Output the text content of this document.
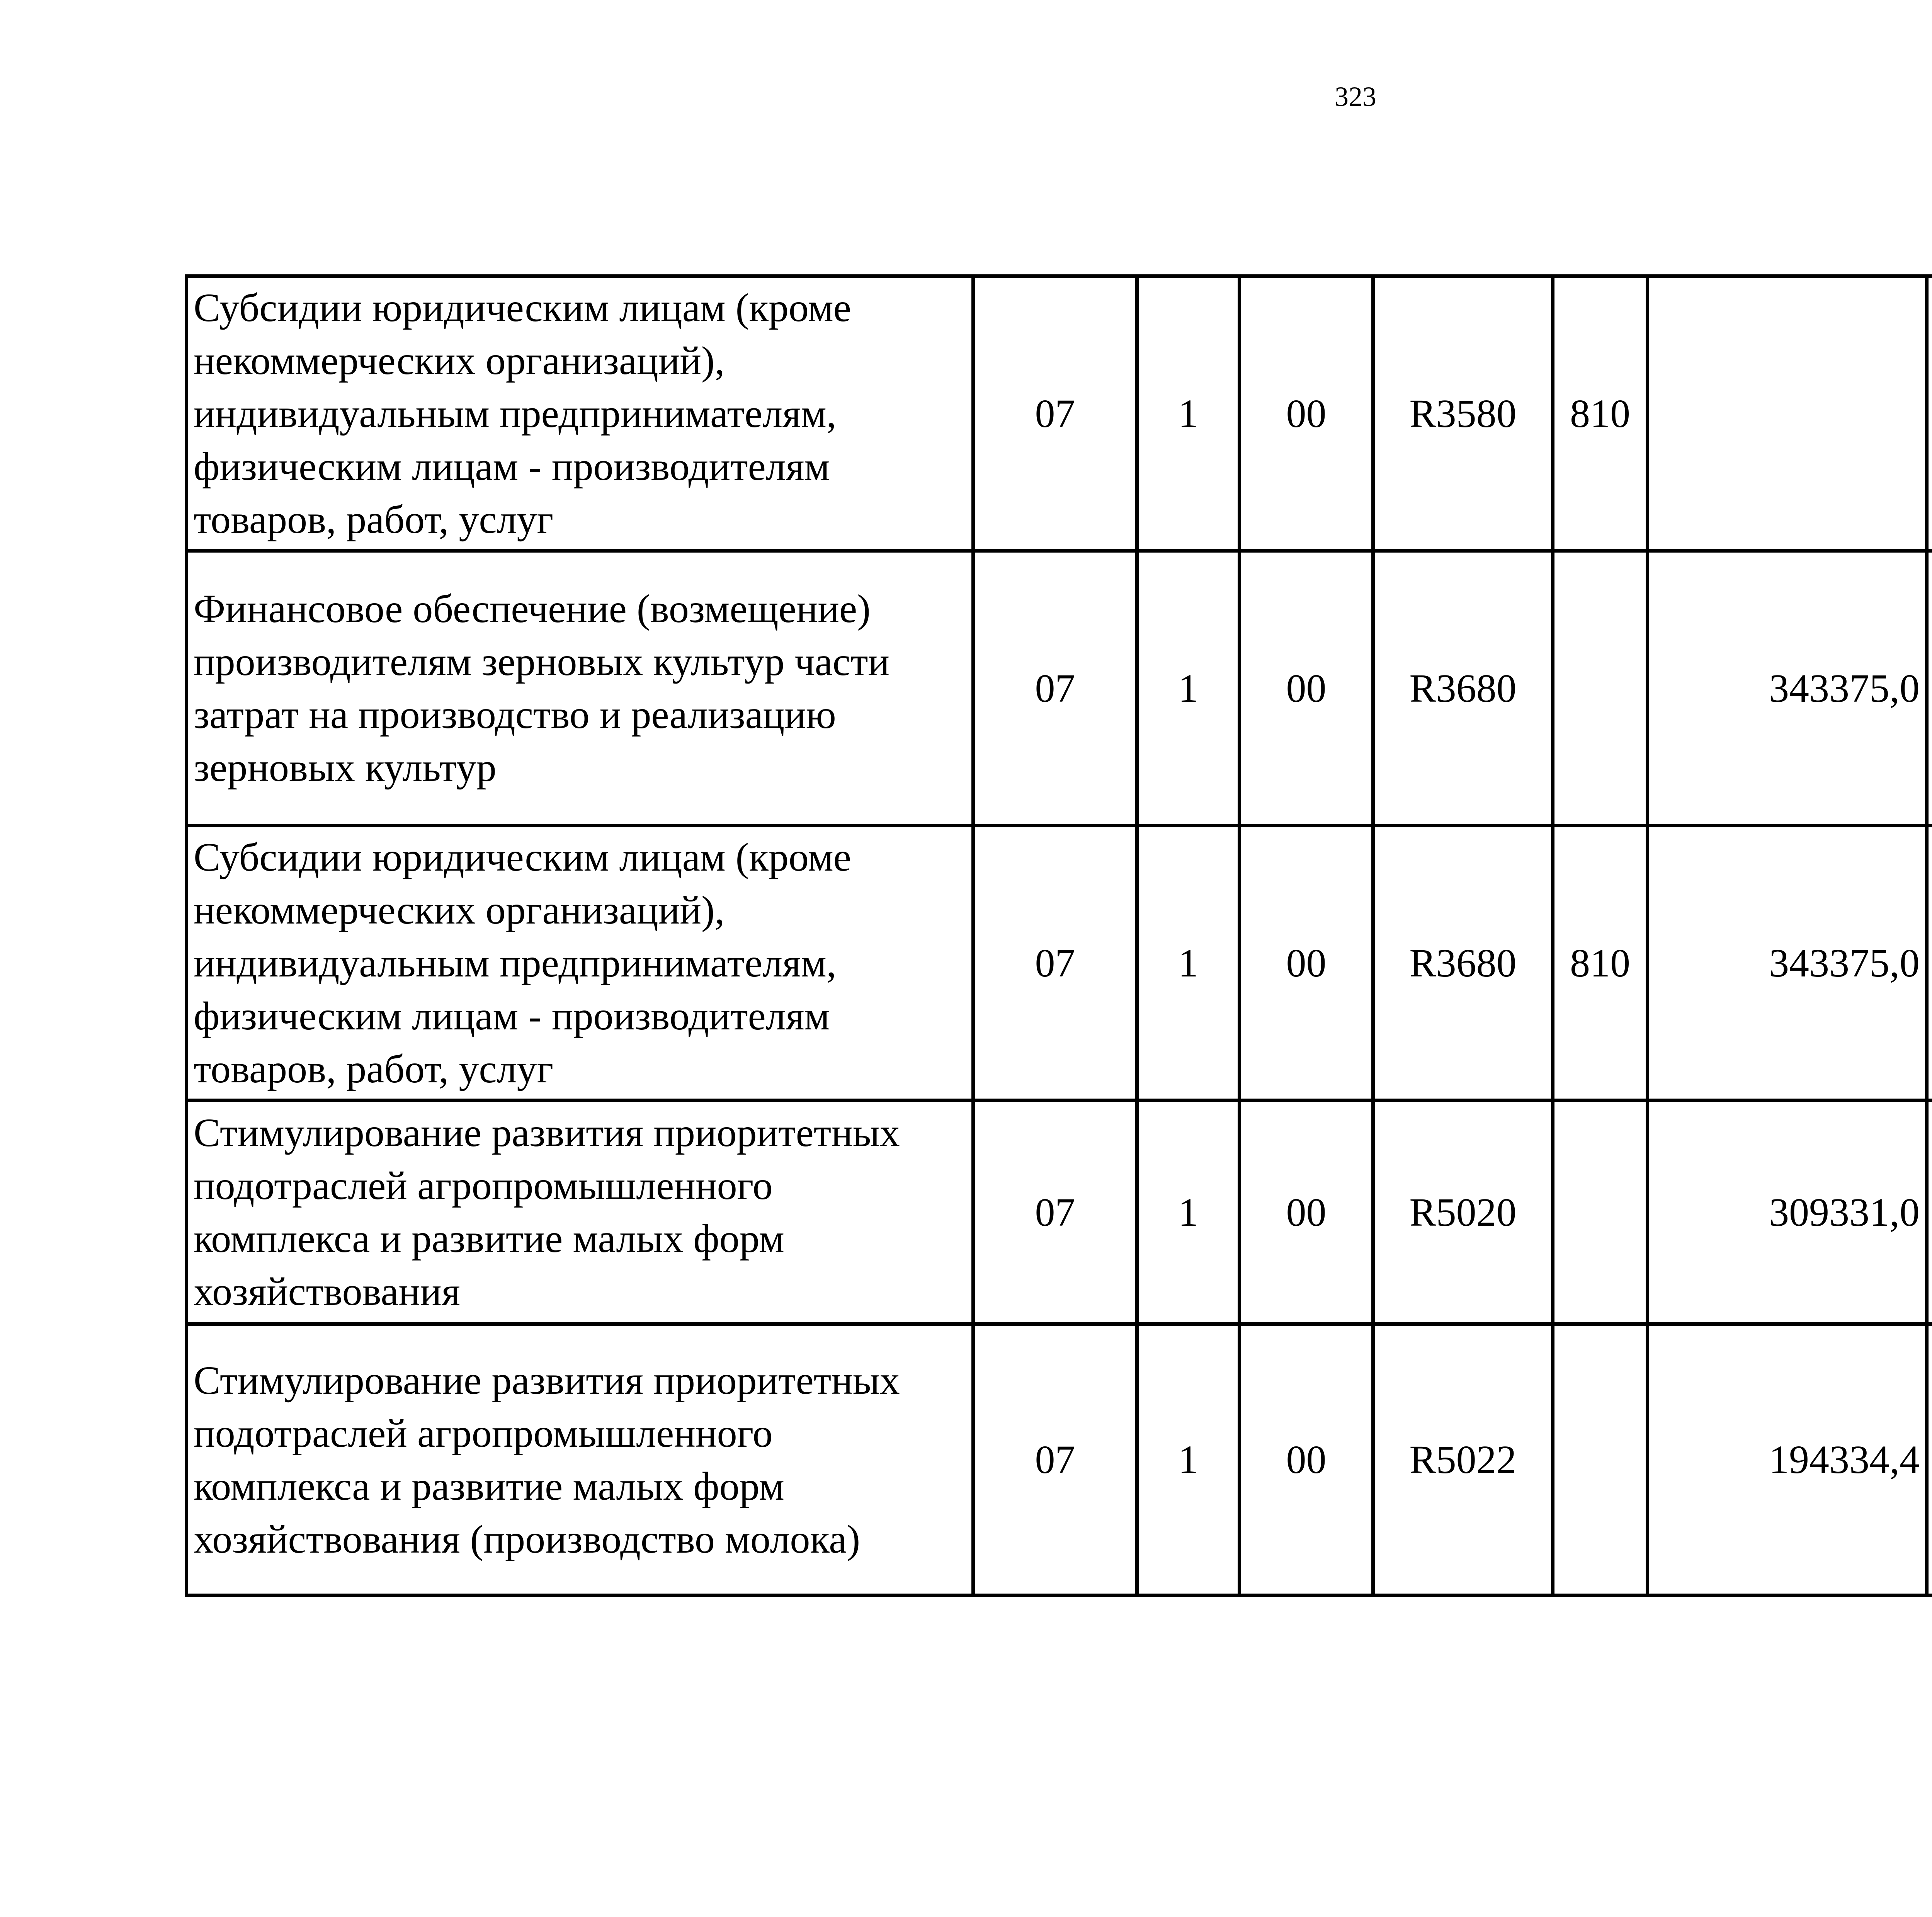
323
Субсидии юридическим лицам (кроме
некоммерческих организаций),
индивидуальным предпринимателям,
физическим лицам - производителям
товаров, работ, услуг	07	1	00	R3580	810			

Финансовое обеспечение (возмещение)
производителям зерновых культур части
затрат на производство и реализацию
зерновых культур	07	1	00	R3680		343375,0		

Субсидии юридическим лицам (кроме
некоммерческих организаций),
индивидуальным предпринимателям,
физическим лицам - производителям
товаров, работ, услуг	07	1	00	R3680	810	343375,0		

Стимулирование развития приоритетных
подотраслей агропромышленного
комплекса и развитие малых форм
хозяйствования	07	1	00	R5020		309331,0		

Стимулирование развития приоритетных
подотраслей агропромышленного
комплекса и развитие малых форм
хозяйствования (производство молока)	07	1	00	R5022		194334,4		
